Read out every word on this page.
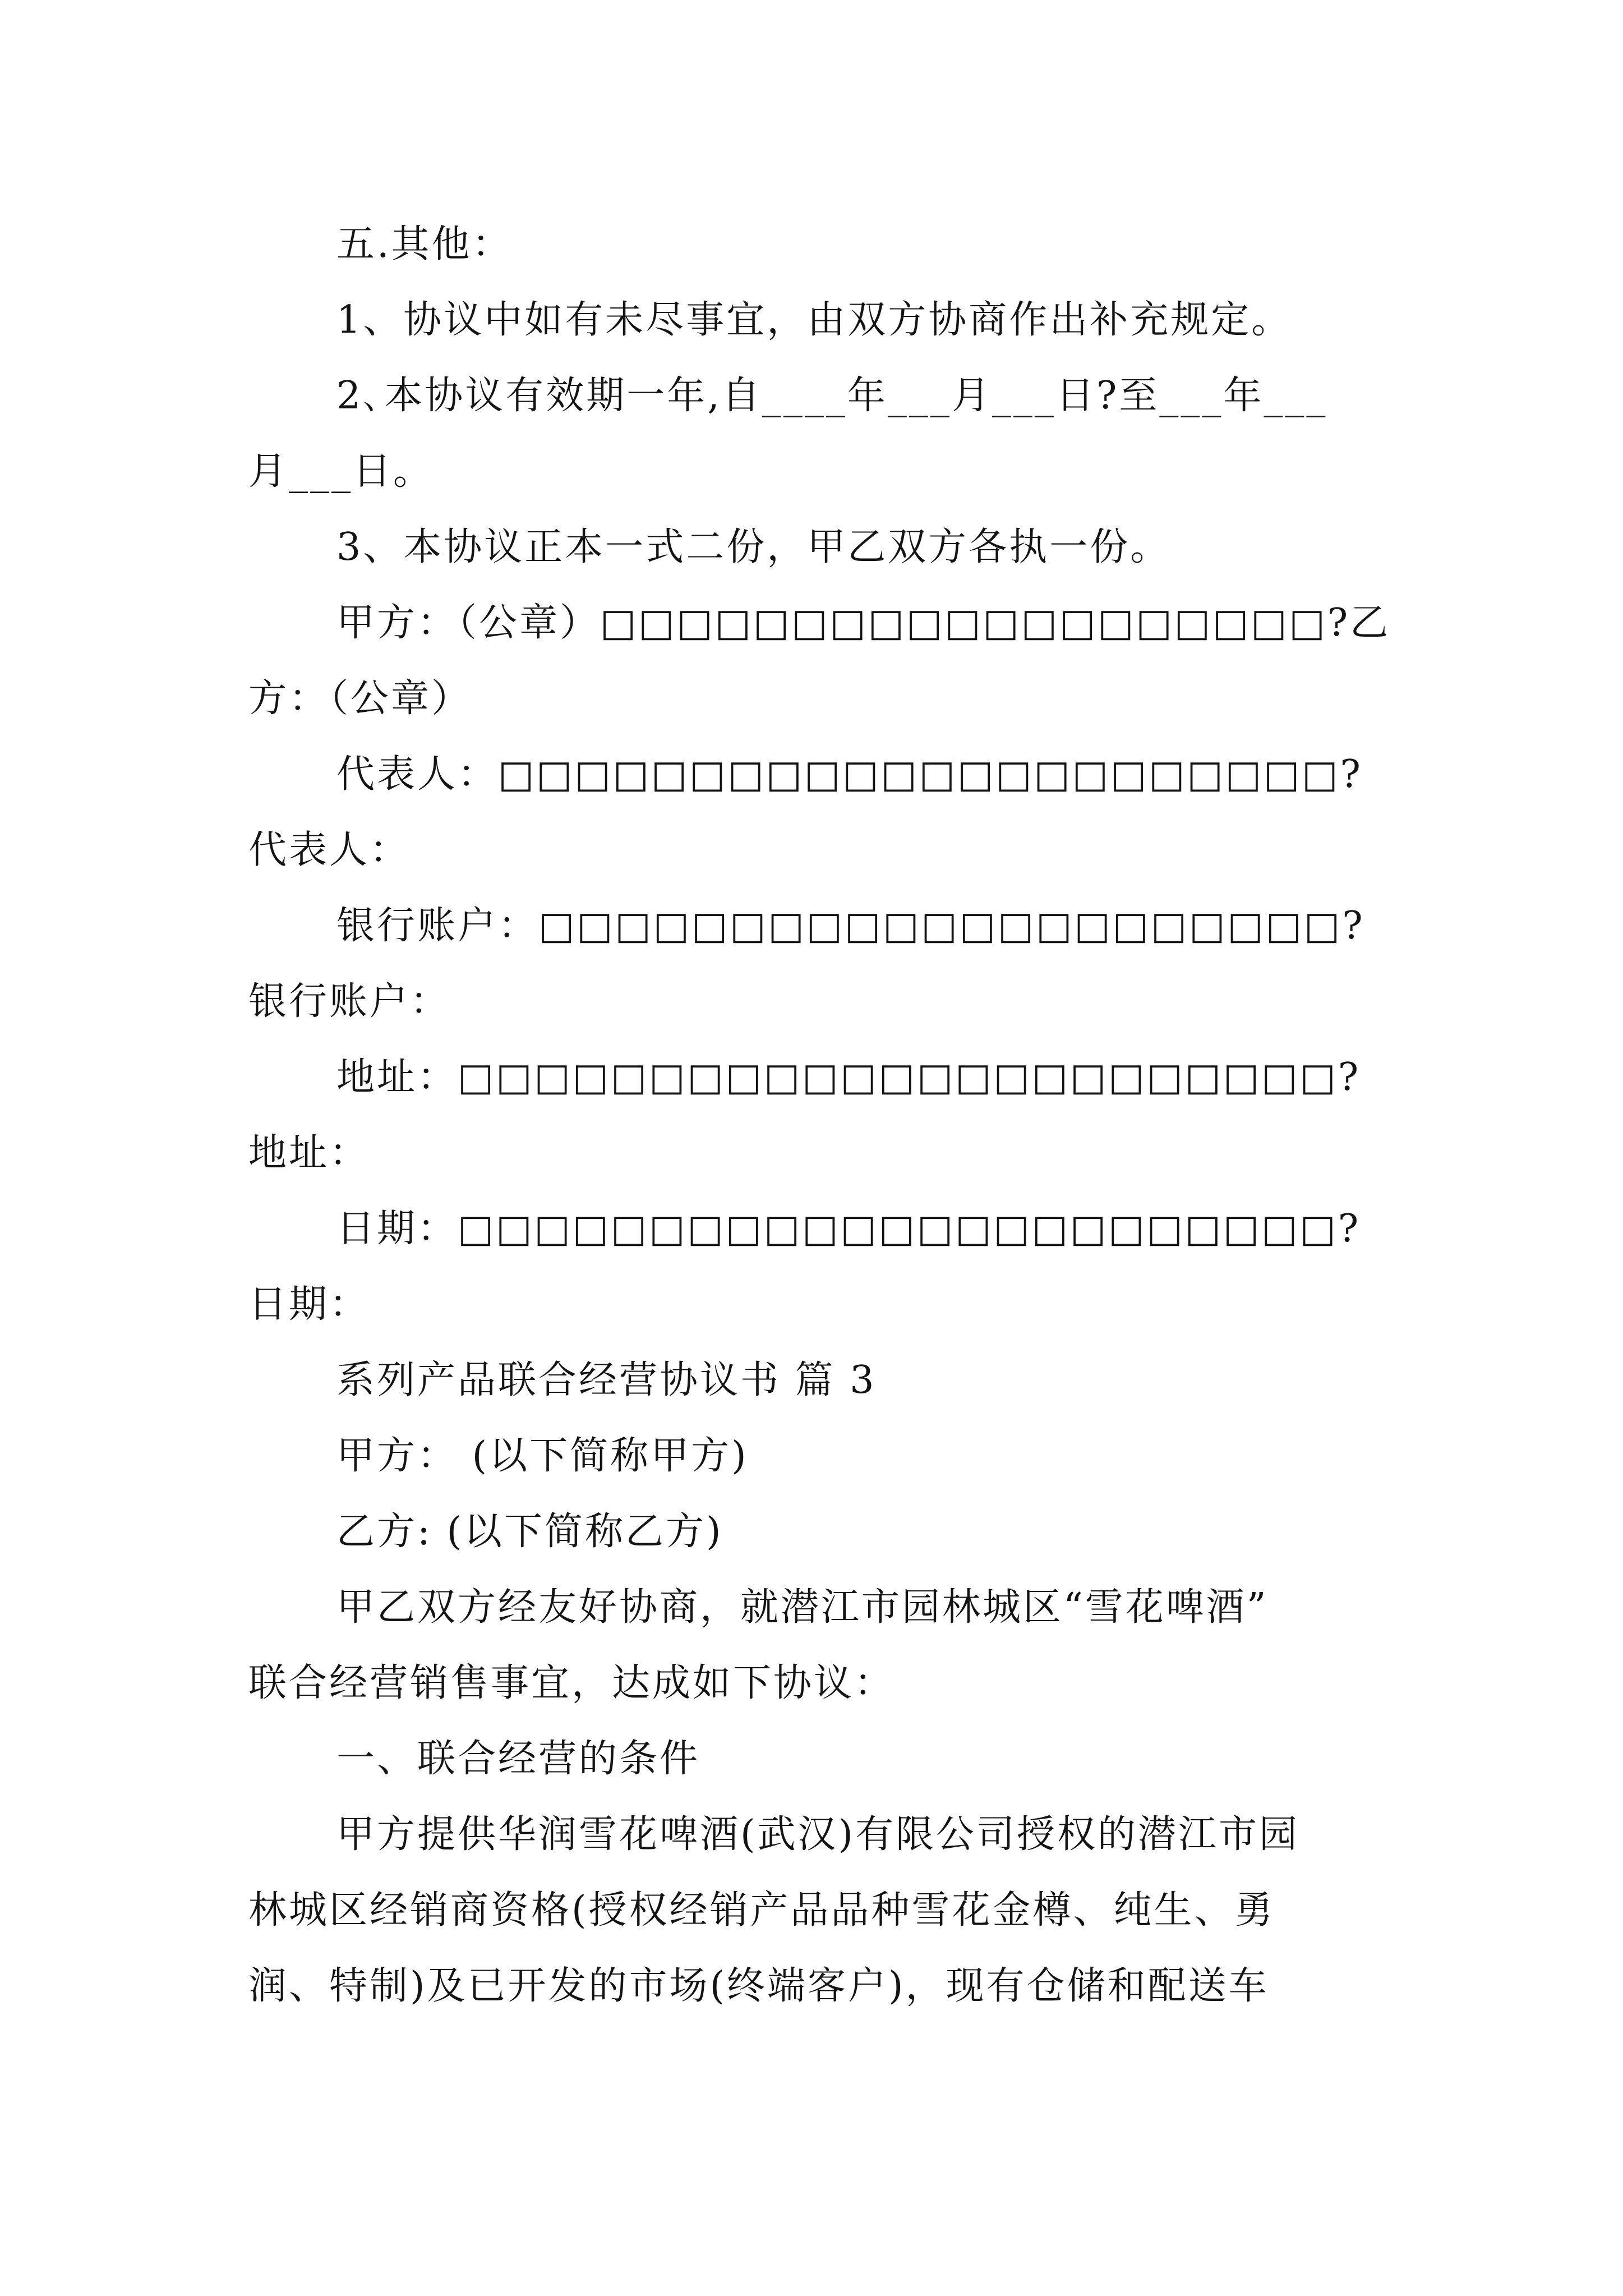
五.其他：

1、协议中如有未尽事宜，由双方协商作出补充规定。

2､本协议有效期一年,自____年___月___日?至___年___

月___日。

3、本协议正本一式二份，甲乙双方各执一份。

甲方：（公章）□□□□□□□□□□□□□□□□□□□?乙

方：（公章）

代表人：□□□□□□□□□□□□□□□□□□□□□□?

代表人：

银行账户：□□□□□□□□□□□□□□□□□□□□□?

银行账户：

地址：□□□□□□□□□□□□□□□□□□□□□□□?

地址：

日期：□□□□□□□□□□□□□□□□□□□□□□□?

日期：

系列产品联合经营协议书 篇 3

甲方： (以下简称甲方)

乙方: (以下简称乙方)

甲乙双方经友好协商，就潜江市园林城区“雪花啤酒”

联合经营销售事宜，达成如下协议：

一、联合经营的条件

甲方提供华润雪花啤酒(武汉)有限公司授权的潜江市园

林城区经销商资格(授权经销产品品种雪花金樽、纯生、勇

润、特制)及已开发的市场(终端客户)，现有仓储和配送车
